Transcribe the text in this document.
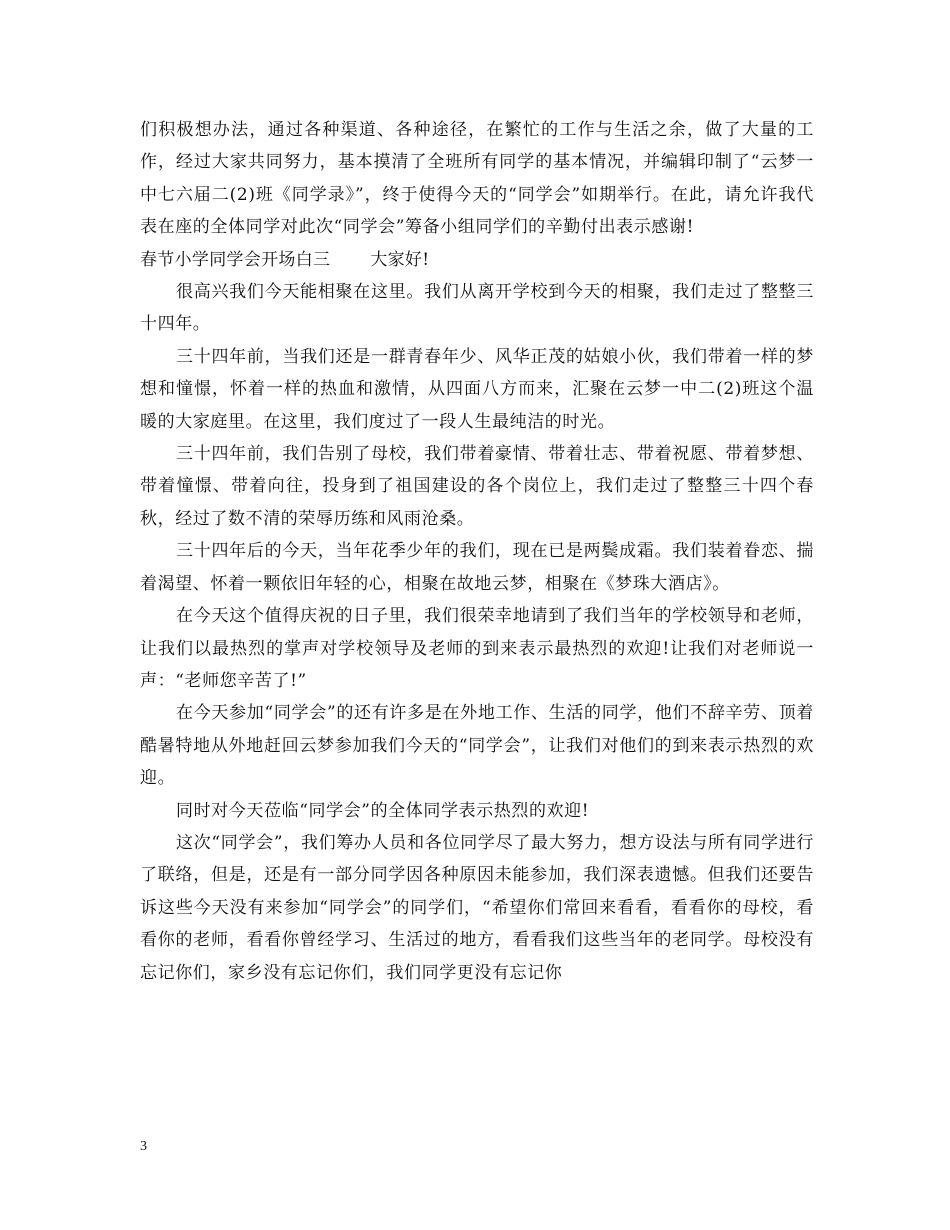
们积极想办法，通过各种渠道、各种途径，在繁忙的工作与生活之余，做了大量的工作，经过大家共同努力，基本摸清了全班所有同学的基本情况，并编辑印制了“云梦一中七六届二(2)班《同学录》”，终于使得今天的“同学会”如期举行。在此，请允许我代表在座的全体同学对此次“同学会”筹备小组同学们的辛勤付出表示感谢!

春节小学同学会开场白三 大家好!

很高兴我们今天能相聚在这里。我们从离开学校到今天的相聚，我们走过了整整三十四年。

三十四年前，当我们还是一群青春年少、风华正茂的姑娘小伙，我们带着一样的梦想和憧憬，怀着一样的热血和激情，从四面八方而来，汇聚在云梦一中二(2)班这个温暖的大家庭里。在这里，我们度过了一段人生最纯洁的时光。

三十四年前，我们告别了母校，我们带着豪情、带着壮志、带着祝愿、带着梦想、带着憧憬、带着向往，投身到了祖国建设的各个岗位上，我们走过了整整三十四个春秋，经过了数不清的荣辱历练和风雨沧桑。

三十四年后的今天，当年花季少年的我们，现在已是两鬓成霜。我们装着眷恋、揣着渴望、怀着一颗依旧年轻的心，相聚在故地云梦，相聚在《梦珠大酒店》。

在今天这个值得庆祝的日子里，我们很荣幸地请到了我们当年的学校领导和老师，让我们以最热烈的掌声对学校领导及老师的到来表示最热烈的欢迎!让我们对老师说一声：“老师您辛苦了!”

在今天参加“同学会”的还有许多是在外地工作、生活的同学，他们不辞辛劳、顶着酷暑特地从外地赶回云梦参加我们今天的“同学会”，让我们对他们的到来表示热烈的欢迎。

同时对今天莅临“同学会”的全体同学表示热烈的欢迎!

这次“同学会”，我们筹办人员和各位同学尽了最大努力，想方设法与所有同学进行了联络，但是，还是有一部分同学因各种原因未能参加，我们深表遗憾。但我们还要告诉这些今天没有来参加“同学会”的同学们，“希望你们常回来看看，看看你的母校，看看你的老师，看看你曾经学习、生活过的地方，看看我们这些当年的老同学。母校没有忘记你们，家乡没有忘记你们，我们同学更没有忘记你

3
